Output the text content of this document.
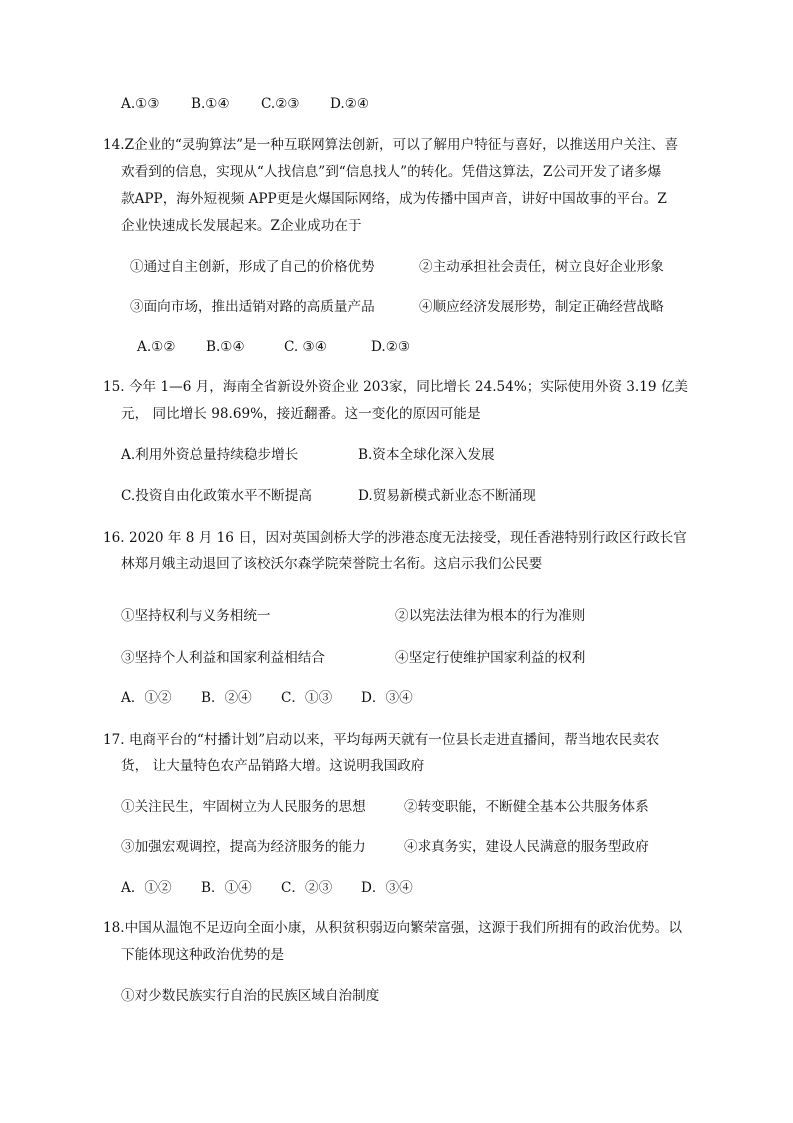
A.①③ B.①④ C.②③ D.②④
14.Z企业的“灵驹算法”是一种互联网算法创新，可以了解用户特征与喜好，以推送用户关注、喜
欢看到的信息，实现从“人找信息”到“信息找人”的转化。凭借这算法，Z公司开发了诸多爆
款APP，海外短视频 APP更是火爆国际网络，成为传播中国声音，讲好中国故事的平台。Z
企业快速成长发展起来。Z企业成功在于
①通过自主创新，形成了自己的价格优势	②主动承担社会责任，树立良好企业形象
③面向市场，推出适销对路的高质量产品	④顺应经济发展形势，制定正确经营战略
A.①② B.①④	C. ③④	D.②③
15. 今年 1—6 月，海南全省新设外资企业 203家，同比增长 24.54%；实际使用外资 3.19 亿美
元， 同比增长 98.69%，接近翻番。这一变化的原因可能是
A.利用外资总量持续稳步增长	B.资本全球化深入发展
C.投资自由化政策水平不断提高	D.贸易新模式新业态不断涌现
16. 2020 年 8 月 16 日，因对英国剑桥大学的涉港态度无法接受，现任香港特别行政区行政长官
林郑月娥主动退回了该校沃尔森学院荣誉院士名衔。这启示我们公民要
①坚持权利与义务相统一	②以宪法法律为根本的行为准则
③坚持个人利益和国家利益相结合	④坚定行使维护国家利益的权利
A．①② B．②④ C．①③ D．③④
17. 电商平台的“村播计划”启动以来，平均每两天就有一位县长走进直播间，帮当地农民卖农
货， 让大量特色农产品销路大增。这说明我国政府
①关注民生，牢固树立为人民服务的思想	②转变职能，不断健全基本公共服务体系
③加强宏观调控，提高为经济服务的能力	④求真务实，建设人民满意的服务型政府
A．①② B．①④ C．②③ D．③④
18.中国从温饱不足迈向全面小康，从积贫积弱迈向繁荣富强，这源于我们所拥有的政治优势。以
下能体现这种政治优势的是
①对少数民族实行自治的民族区域自治制度
